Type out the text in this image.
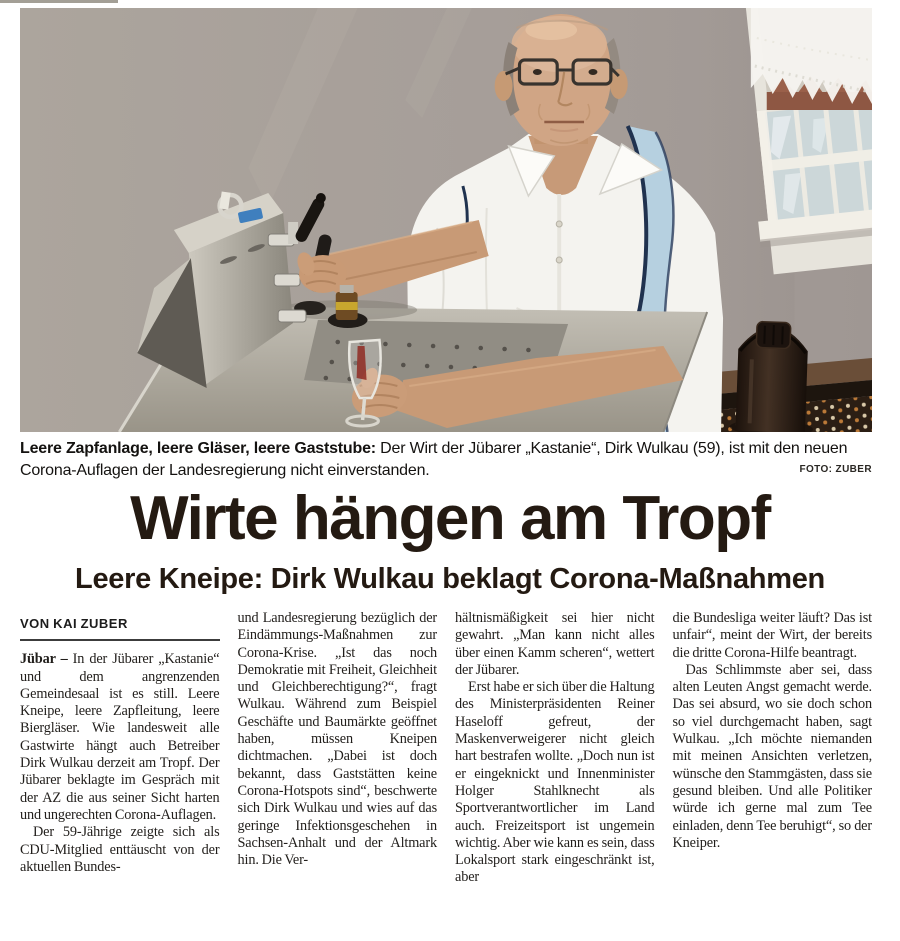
Leere Zapfanlage, leere Gläser, leere Gaststube: Der Wirt der Jübarer „Kastanie“, Dirk Wulkau (59), ist mit den neuen Corona-Auflagen der Landesregierung nicht einverstanden.	FOTO: ZUBER
Wirte hängen am Tropf
Leere Kneipe: Dirk Wulkau beklagt Corona-Maßnahmen
VON KAI ZUBER

Jübar – In der Jübarer „Kastanie“ und dem angrenzenden Gemeindesaal ist es still. Leere Kneipe, leere Zapfleitung, leere Biergläser. Wie landesweit alle Gastwirte hängt auch Betreiber Dirk Wulkau derzeit am Tropf. Der Jübarer beklagte im Gespräch mit der AZ die aus seiner Sicht harten und ungerechten Corona-Auflagen.

Der 59-Jährige zeigte sich als CDU-Mitglied enttäuscht von der aktuellen Bundes-

und Landesregierung bezüglich der Eindämmungs-Maßnahmen zur Corona-Krise. „Ist das noch Demokratie mit Freiheit, Gleichheit und Gleichberechtigung?“, fragt Wulkau. Während zum Beispiel Geschäfte und Baumärkte geöffnet haben, müssen Kneipen dichtmachen. „Dabei ist doch bekannt, dass Gaststätten keine Corona-Hotspots sind“, beschwerte sich Dirk Wulkau und wies auf das geringe Infektionsgeschehen in Sachsen-Anhalt und der Altmark hin. Die Ver-

hältnismäßigkeit sei hier nicht gewahrt. „Man kann nicht alles über einen Kamm scheren“, wettert der Jübarer.

Erst habe er sich über die Haltung des Ministerpräsidenten Reiner Haseloff gefreut, der Maskenverweigerer nicht gleich hart bestrafen wollte. „Doch nun ist er eingeknickt und Innenminister Holger Stahlknecht als Sportverantwortlicher im Land auch. Freizeitsport ist ungemein wichtig. Aber wie kann es sein, dass Lokalsport stark eingeschränkt ist, aber

die Bundesliga weiter läuft? Das ist unfair“, meint der Wirt, der bereits die dritte Corona-Hilfe beantragt.

Das Schlimmste aber sei, dass alten Leuten Angst gemacht werde. Das sei absurd, wo sie doch schon so viel durchgemacht haben, sagt Wulkau. „Ich möchte niemanden mit meinen Ansichten verletzen, wünsche den Stammgästen, dass sie gesund bleiben. Und alle Politiker würde ich gerne mal zum Tee einladen, denn Tee beruhigt“, so der Kneiper.
